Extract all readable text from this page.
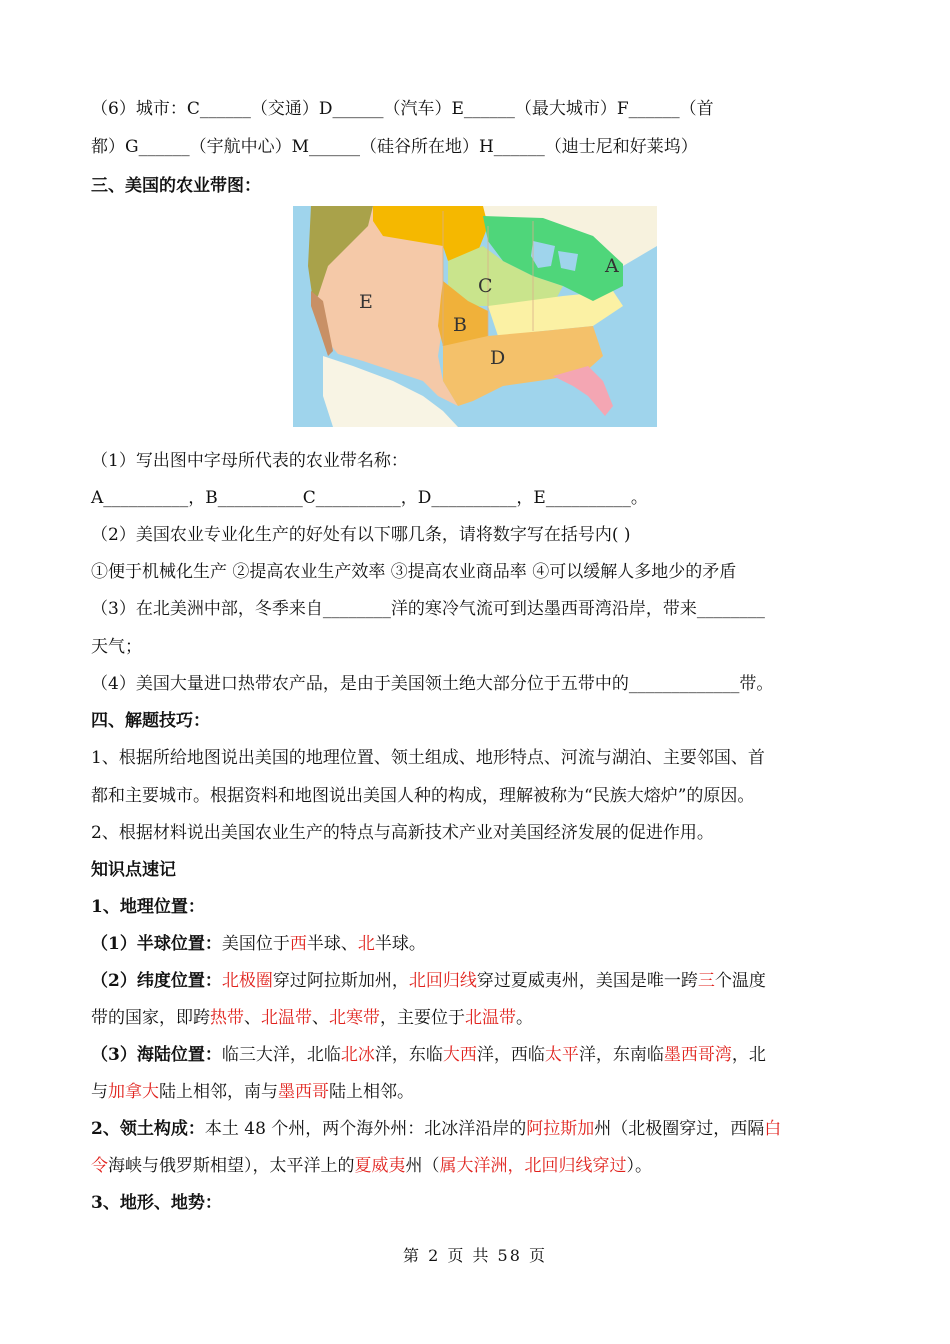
（6）城市：C______（交通）D______（汽车）E______（最大城市）F______（首
都）G______（宇航中心）M______（硅谷所在地）H______（迪士尼和好莱坞）
三、美国的农业带图：
E
C
B
D
A
（1）写出图中字母所代表的农业带名称：
A__________，B__________C__________，D__________，E__________。
（2）美国农业专业化生产的好处有以下哪几条，请将数字写在括号内( )
①便于机械化生产 ②提高农业生产效率 ③提高农业商品率 ④可以缓解人多地少的矛盾
（3）在北美洲中部，冬季来自________洋的寒冷气流可到达墨西哥湾沿岸，带来________
天气；
（4）美国大量进口热带农产品，是由于美国领土绝大部分位于五带中的_____________带。
四、解题技巧：
1、根据所给地图说出美国的地理位置、领土组成、地形特点、河流与湖泊、主要邻国、首
都和主要城市。根据资料和地图说出美国人种的构成，理解被称为“民族大熔炉”的原因。
2、根据材料说出美国农业生产的特点与高新技术产业对美国经济发展的促进作用。
知识点速记
1、地理位置：
（1）半球位置：美国位于西半球、北半球。
（2）纬度位置：北极圈穿过阿拉斯加州，北回归线穿过夏威夷州，美国是唯一跨三个温度
带的国家，即跨热带、北温带、北寒带，主要位于北温带。
（3）海陆位置：临三大洋，北临北冰洋，东临大西洋，西临太平洋，东南临墨西哥湾，北
与加拿大陆上相邻，南与墨西哥陆上相邻。
2、领土构成：本土 48 个州，两个海外州：北冰洋沿岸的阿拉斯加州（北极圈穿过，西隔白
令海峡与俄罗斯相望），太平洋上的夏威夷州（属大洋洲，北回归线穿过）。
3、地形、地势：
第 2 页 共 58 页
